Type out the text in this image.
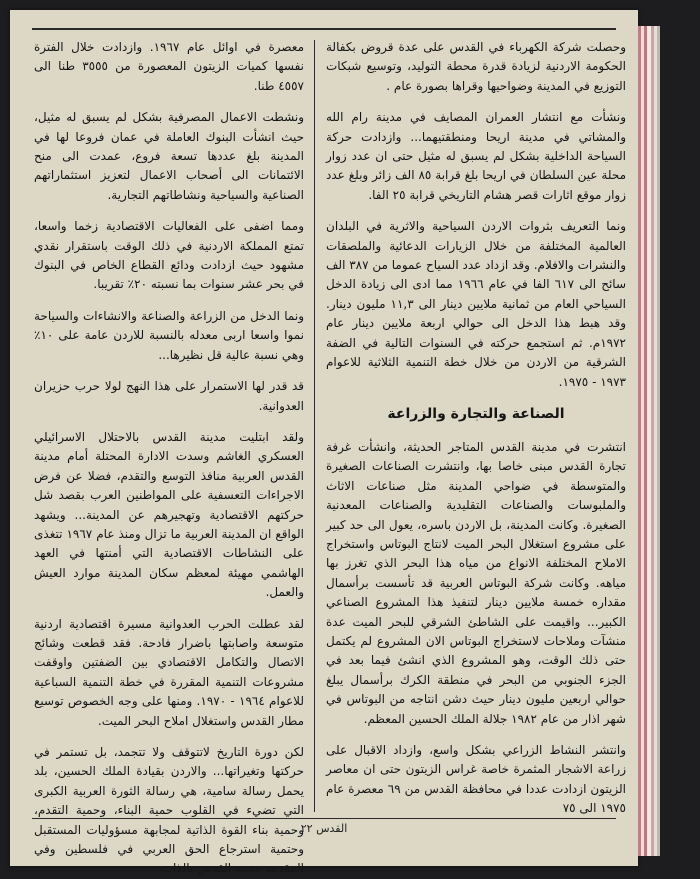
وحصلت شركة الكهرباء في القدس على عدة قروض بكفالة الحكومة الاردنية لزيادة قدرة محطة التوليد، وتوسيع شبكات التوزيع في المدينة وضواحيها وقراها بصورة عام .

ونشأت مع انتشار العمران المصايف في مدينة رام الله والمشاتي في مدينة اريحا ومنطقتيهما... وازدادت حركة السياحة الداخلية بشكل لم يسبق له مثيل حتى ان عدد زوار محلة عين السلطان في اريحا بلغ قرابة ٨٥ الف زائر وبلغ عدد زوار موقع اثارات قصر هشام التاريخي قرابة ٢٥ الفا.

ونما التعريف بثروات الاردن السياحية والاثرية في البلدان العالمية المختلفة من خلال الزيارات الدعائية والملصقات والنشرات والافلام. وقد ازداد عدد السياح عموما من ٣٨٧ الف سائح الى ٦١٧ الفا في عام ١٩٦٦ مما ادى الى زيادة الدخل السياحي العام من ثمانية ملايين دينار الى ١١,٣ مليون دينار. وقد هبط هذا الدخل الى حوالي اربعة ملايين دينار عام ١٩٧٢م. ثم استجمع حركته في السنوات التالية في الضفة الشرقية من الاردن من خلال خطة التنمية الثلاثية للاعوام ١٩٧٣ - ١٩٧٥.

الصناعة والتجارة والزراعة

انتشرت في مدينة القدس المتاجر الحديثة، وانشأت غرفة تجارة القدس مبنى خاصا بها، وانتشرت الصناعات الصغيرة والمتوسطة في ضواحي المدينة مثل صناعات الاثاث والملبوسات والصناعات التقليدية والصناعات المعدنية الصغيرة. وكانت المدينة، بل الاردن باسره، يعول الى حد كبير على مشروع استغلال البحر الميت لانتاج البوتاس واستخراج الاملاح المختلفة الانواع من مياه هذا البحر الذي تغرز بها مياهه. وكانت شركة البوتاس العربية قد تأسست برأسمال مقداره خمسة ملايين دينار لتنفيذ هذا المشروع الصناعي الكبير... واقيمت على الشاطئ الشرقي للبحر الميت عدة منشآت وملاحات لاستخراج البوتاس الان المشروع لم يكتمل حتى ذلك الوقت، وهو المشروع الذي انشئ فيما بعد في الجزء الجنوبي من البحر في منطقة الكرك برأسمال يبلغ حوالي اربعين مليون دينار حيث دشن انتاجه من البوتاس في شهر اذار من عام ١٩٨٢ جلالة الملك الحسين المعظم.

وانتشر النشاط الزراعي بشكل واسع، وازداد الاقبال على زراعة الاشجار المثمرة خاصة غراس الزيتون حتى ان معاصر الزيتون ازدادت عددا في محافظة القدس من ٦٩ معصرة عام ١٩٧٥ الى ٧٥

معصرة في اوائل عام ١٩٦٧. وازدادت خلال الفترة نفسها كميات الزيتون المعصورة من ٣٥٥٥ طنا الى ٤٥٥٧ طنا.

ونشطت الاعمال المصرفية بشكل لم يسبق له مثيل، حيث انشأت البنوك العاملة في عمان فروعا لها في المدينة بلغ عددها تسعة فروع، عمدت الى منح الائتمانات الى أصحاب الاعمال لتعزيز استثماراتهم الصناعية والسياحية ونشاطاتهم التجارية.

ومما اضفى على الفعاليات الاقتصادية زخما واسعا، تمتع المملكة الاردنية في ذلك الوقت باستقرار نقدي مشهود حيث ازدادت ودائع القطاع الخاص في البنوك في بحر عشر سنوات بما نسبته ٢٠٪ تقريبا.

ونما الدخل من الزراعة والصناعة والانشاءات والسياحة نموا واسعا اربى معدله بالنسبة للاردن عامة على ١٠٪ وهي نسبة عالية قل نظيرها...

قد قدر لها الاستمرار على هذا النهج لولا حرب حزيران العدوانية.

ولقد ابتليت مدينة القدس بالاحتلال الاسرائيلي العسكري الغاشم وسدت الادارة المحتلة أمام مدينة القدس العربية منافذ التوسع والتقدم، فضلا عن فرض الاجراءات التعسفية على المواطنين العرب بقصد شل حركتهم الاقتصادية وتهجيرهم عن المدينة... ويشهد الواقع ان المدينة العربية ما تزال ومنذ عام ١٩٦٧ تتغذى على النشاطات الاقتصادية التي أمنتها في العهد الهاشمي مهيئة لمعظم سكان المدينة موارد العيش والعمل.

لقد عطلت الحرب العدوانية مسيرة اقتصادية اردنية متوسعة واصابتها باضرار فادحة. فقد قطعت وشائج الاتصال والتكامل الاقتصادي بين الضفتين واوقفت مشروعات التنمية المقررة في خطة التنمية السباعية للاعوام ١٩٦٤ - ١٩٧٠. ومنها على وجه الخصوص توسيع مطار القدس واستغلال املاح البحر الميت.

لكن دورة التاريخ لاتتوقف ولا تتجمد، بل تستمر في حركتها وتغيراتها... والاردن بقيادة الملك الحسين، بلد يحمل رسالة سامية، هي رسالة الثورة العربية الكبرى التي تضيء في القلوب حمية البناء، وحمية التقدم، وحمية بناء القوة الذاتية لمجابهة مسؤوليات المستقبل وحتمية استرجاع الحق العربي في فلسطين وفي المقدمة مدينة القدس بالذات.

القدس ٢٢
